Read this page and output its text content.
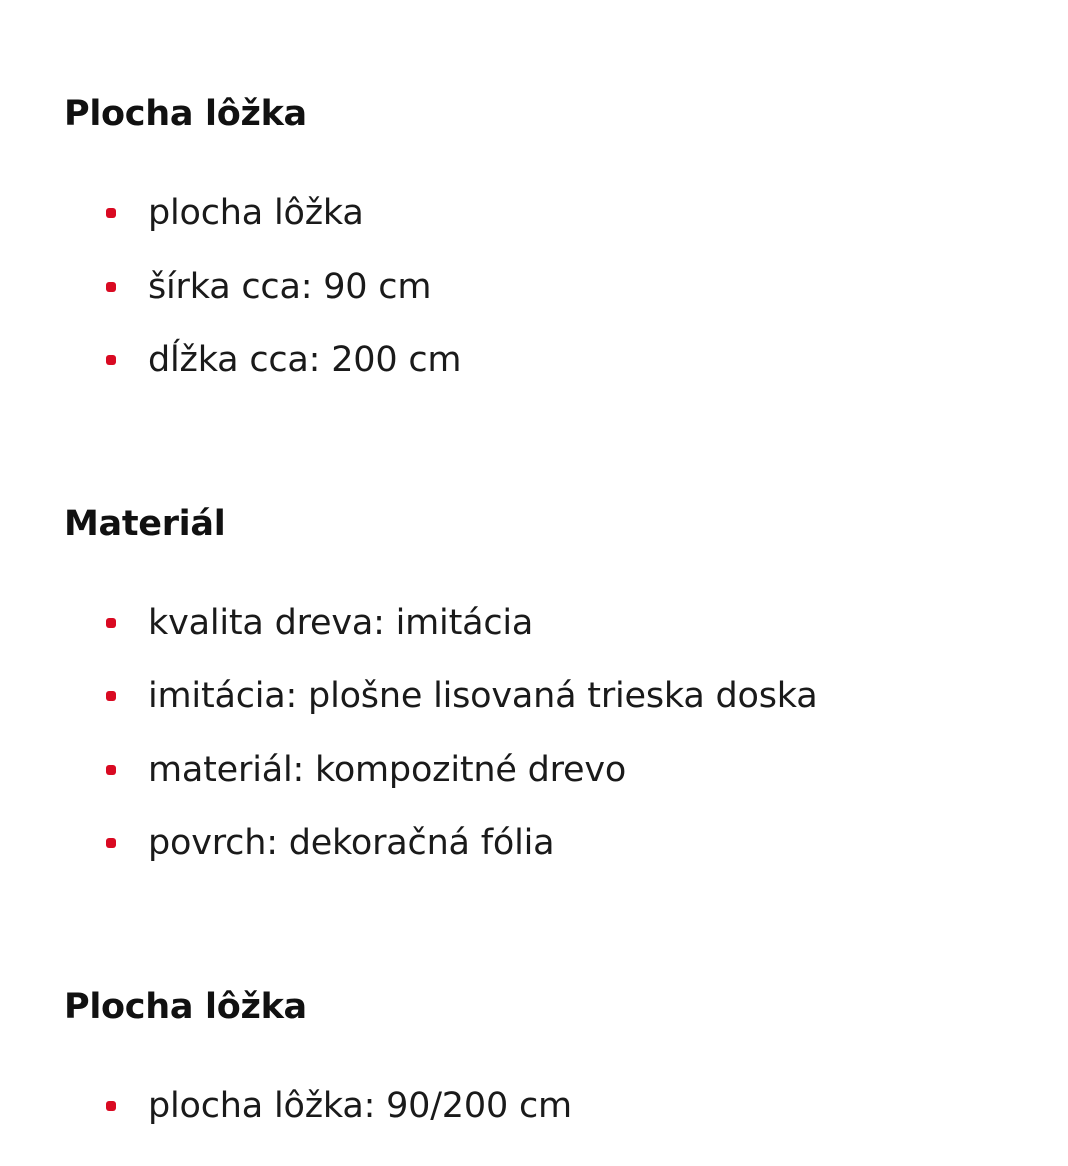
Plocha lôžka
plocha lôžka
šírka cca: 90 cm
dĺžka cca: 200 cm
Materiál
kvalita dreva: imitácia
imitácia: plošne lisovaná trieska doska
materiál: kompozitné drevo
povrch: dekoračná fólia
Plocha lôžka
plocha lôžka: 90/200 cm
